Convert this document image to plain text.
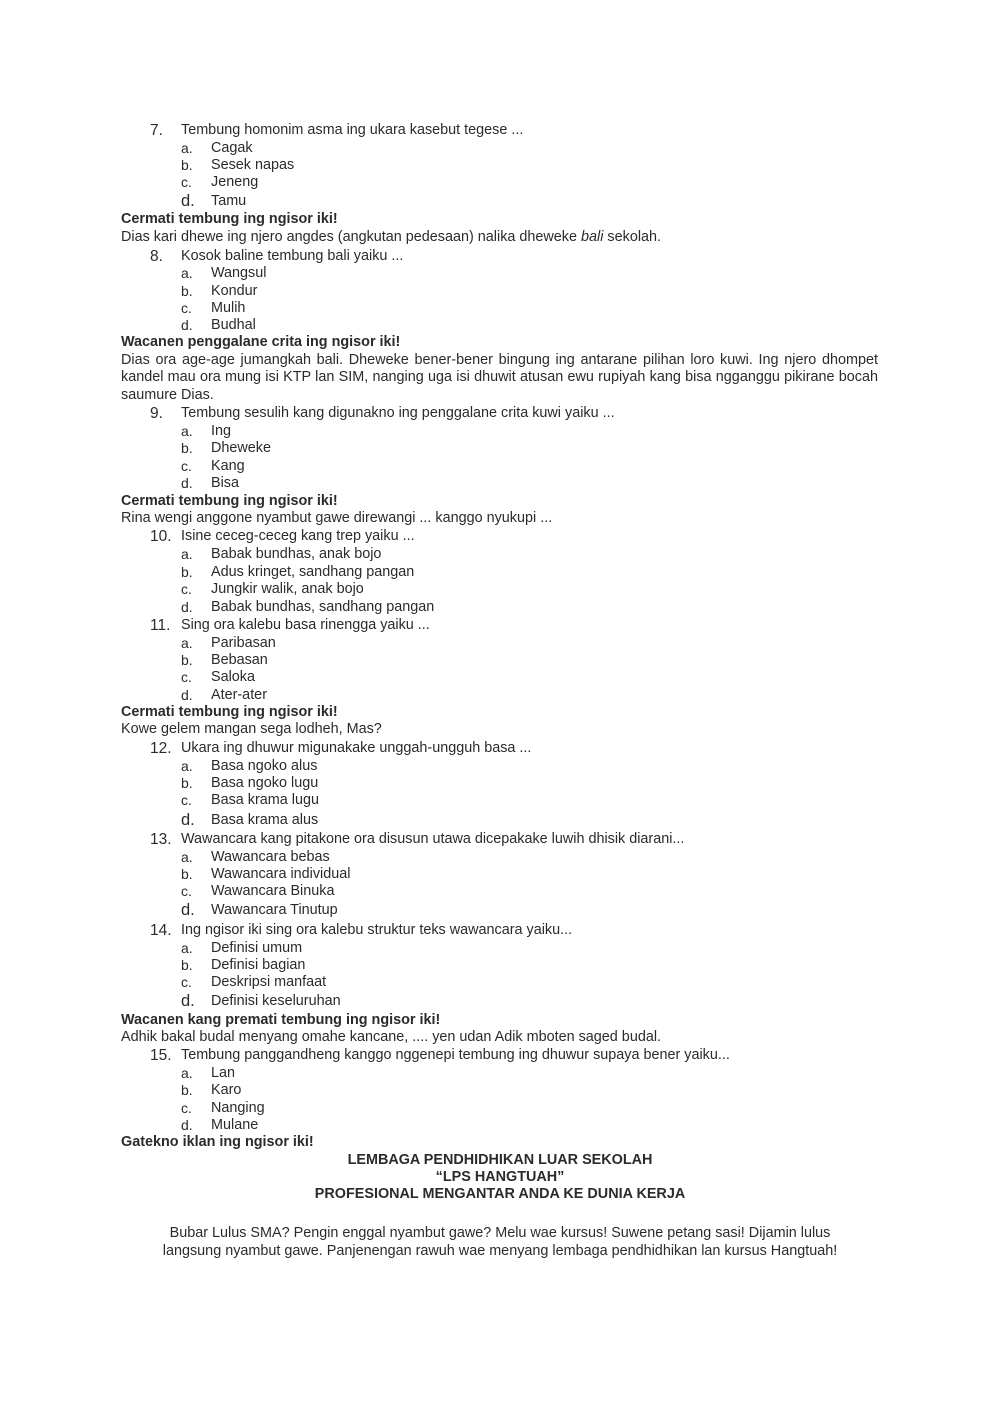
7.	Tembung homonim asma ing ukara kasebut tegese ...
a. Cagak
b. Sesek napas
c. Jeneng
d. Tamu
Cermati tembung ing ngisor iki!
Dias kari dhewe ing njero angdes (angkutan pedesaan) nalika dheweke bali sekolah.
8.	Kosok baline tembung bali yaiku ...
a. Wangsul
b. Kondur
c. Mulih
d. Budhal
Wacanen penggalane crita ing ngisor iki!
Dias ora age-age jumangkah bali. Dheweke bener-bener bingung ing antarane pilihan loro kuwi. Ing njero dhompet kandel mau ora mung isi KTP lan SIM, nanging uga isi dhuwit atusan ewu rupiyah kang bisa ngganggu pikirane bocah saumure Dias.
9.	Tembung sesulih kang digunakno ing penggalane crita kuwi yaiku ...
a. Ing
b. Dheweke
c. Kang
d. Bisa
Cermati tembung ing ngisor iki!
Rina wengi anggone nyambut gawe direwangi ... kanggo nyukupi ...
10. Isine ceceg-ceceg kang trep yaiku ...
a. Babak bundhas, anak bojo
b. Adus kringet, sandhang pangan
c. Jungkir walik, anak bojo
d. Babak bundhas, sandhang pangan
11. Sing ora kalebu basa rinengga yaiku ...
a. Paribasan
b. Bebasan
c. Saloka
d. Ater-ater
Cermati tembung ing ngisor iki!
Kowe gelem mangan sega lodheh, Mas?
12. Ukara ing dhuwur migunakake unggah-ungguh basa ...
a. Basa ngoko alus
b. Basa ngoko lugu
c. Basa krama lugu
d. Basa krama alus
13. Wawancara kang pitakone ora disusun utawa dicepakake luwih dhisik diarani...
a. Wawancara bebas
b. Wawancara individual
c. Wawancara Binuka
d. Wawancara Tinutup
14. Ing ngisor iki sing ora kalebu struktur teks wawancara yaiku...
a. Definisi umum
b. Definisi bagian
c. Deskripsi manfaat
d. Definisi keseluruhan
Wacanen kang premati tembung ing ngisor iki!
Adhik bakal budal menyang omahe kancane, .... yen udan Adik mboten saged budal.
15. Tembung panggandheng kanggo nggenepi tembung ing dhuwur supaya bener yaiku...
a. Lan
b. Karo
c. Nanging
d. Mulane
Gatekno iklan ing ngisor iki!
LEMBAGA PENDHIDHIKAN LUAR SEKOLAH
“LPS HANGTUAH”
PROFESIONAL MENGANTAR ANDA KE DUNIA KERJA
Bubar Lulus SMA? Pengin enggal nyambut gawe? Melu wae kursus! Suwene petang sasi! Dijamin lulus langsung nyambut gawe. Panjenengan rawuh wae menyang lembaga pendhidhikan lan kursus Hangtuah!
